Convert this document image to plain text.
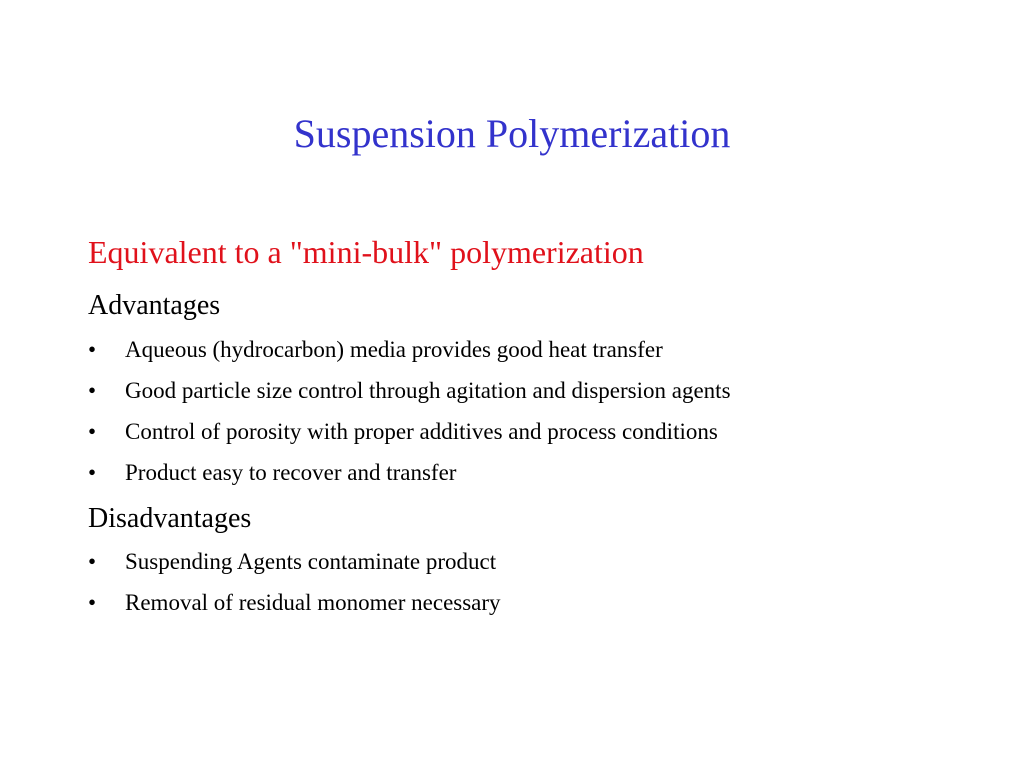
Suspension Polymerization
Equivalent to a "mini-bulk" polymerization
Advantages
•	Aqueous (hydrocarbon) media provides good heat transfer
•	Good particle size control through agitation and dispersion agents
•	Control of porosity with proper additives and process conditions
•	Product easy to recover and transfer
Disadvantages
•	Suspending Agents contaminate product
•	Removal of residual monomer necessary
